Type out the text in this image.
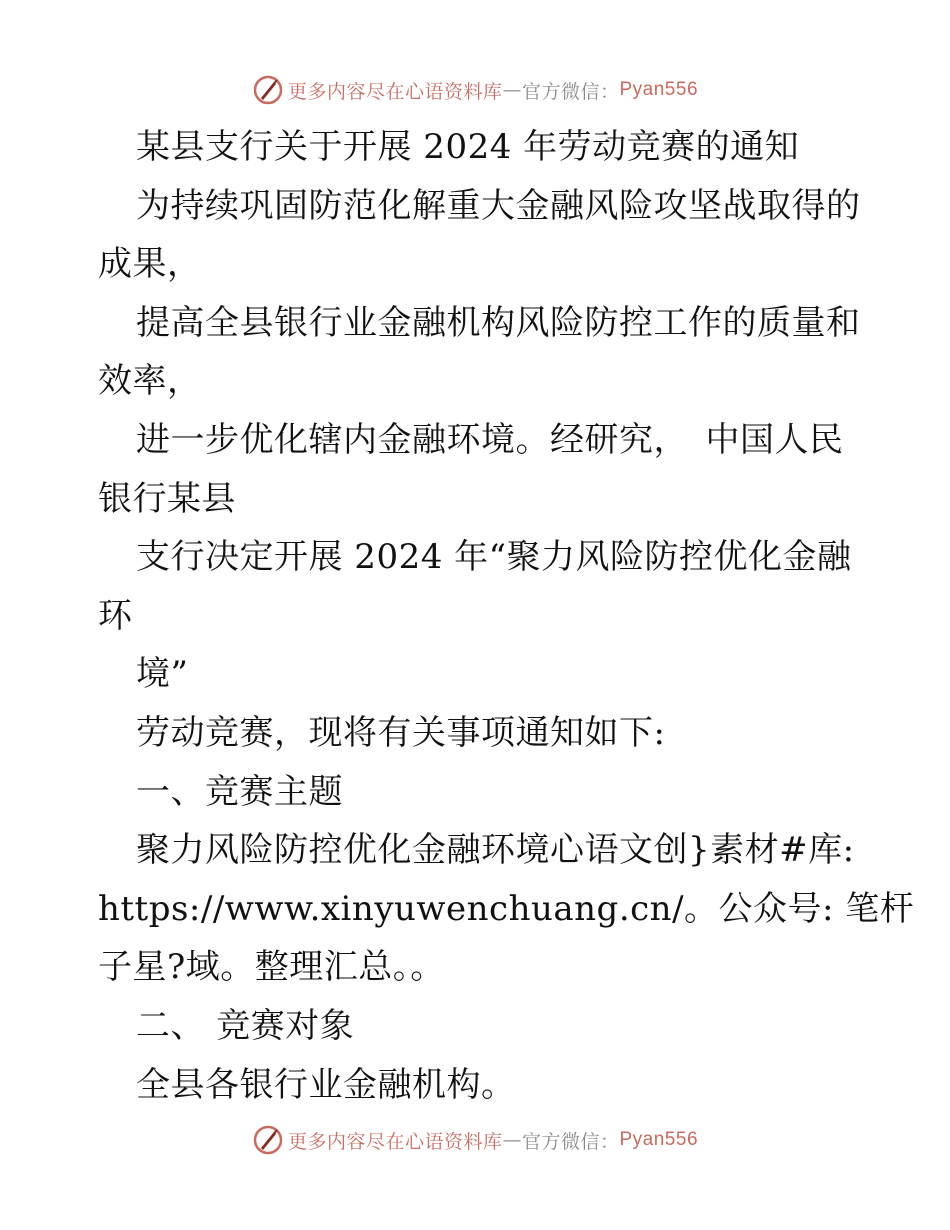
更多内容尽在心语资料库 — 官方微信： Pyan556

某县支行关于开展 2024 年劳动竞赛的通知

为持续巩固防范化解重大金融风险攻坚战取得的

成果，

提高全县银行业金融机构风险防控工作的质量和

效率，

进一步优化辖内金融环境。经研究，　中国人民

银行某县

支行决定开展 2024 年“聚力风险防控优化金融

环

境”

劳动竞赛，现将有关事项通知如下:

一、竞赛主题

聚力风险防控优化金融环境心语文创}素材#库:

https://www.xinyuwenchuang.cn/。公众号: 笔杆

子星?域。整理汇总。。

二、 竞赛对象

全县各银行业金融机构。

更多内容尽在心语资料库 — 官方微信： Pyan556
